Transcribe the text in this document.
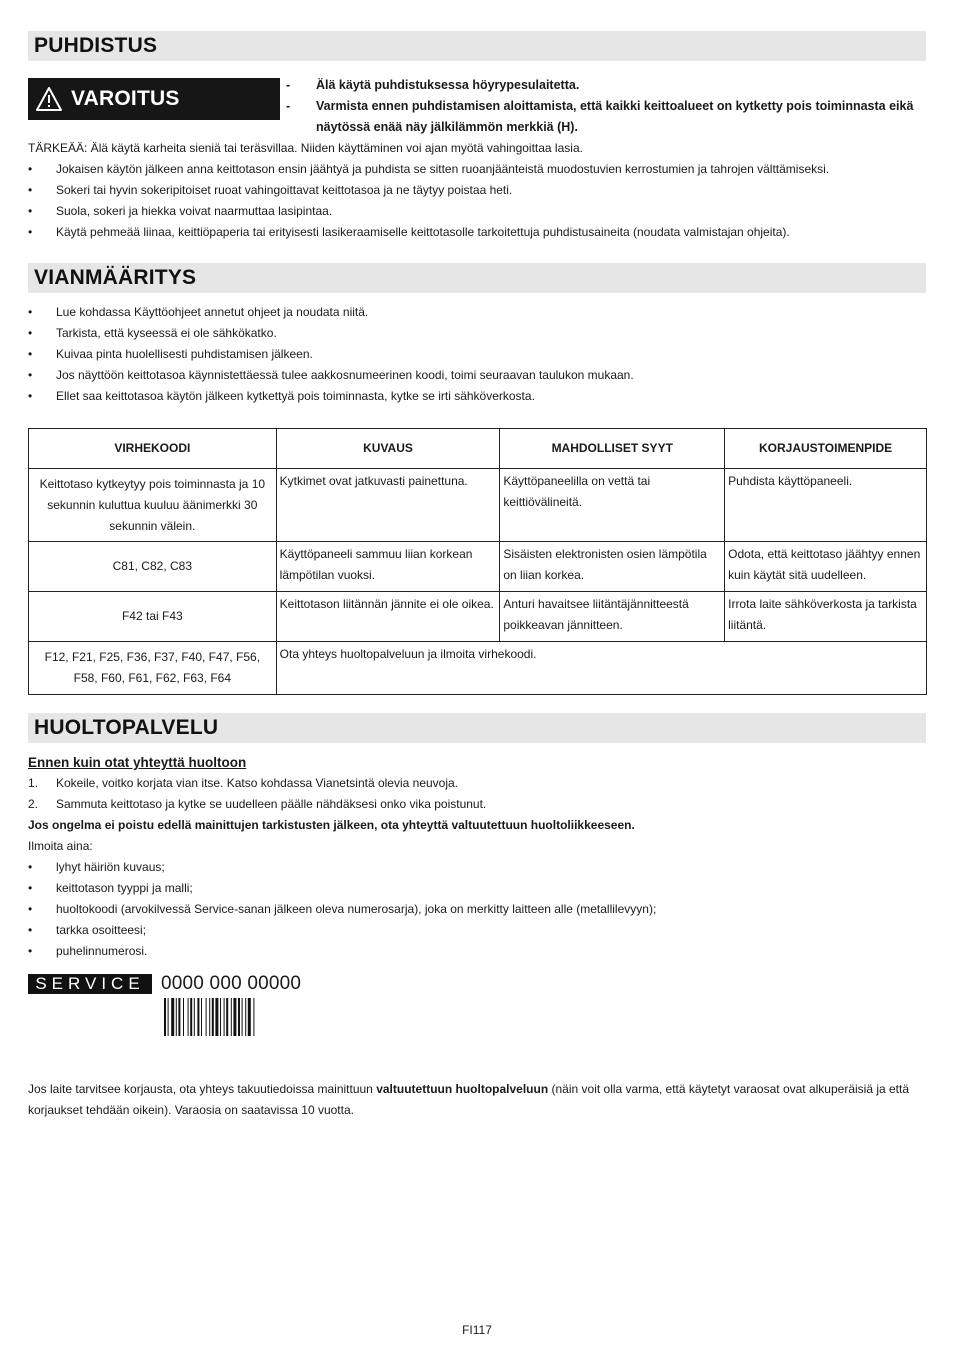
PUHDISTUS
VAROITUS
- Älä käytä puhdistuksessa höyrypesulaitetta.
- Varmista ennen puhdistamisen aloittamista, että kaikki keittoalueet on kytketty pois toiminnasta eikä näytössä enää näy jälkilämmön merkkiä (H).
TÄRKEÄÄ: Älä käytä karheita sieniä tai teräsvillaa. Niiden käyttäminen voi ajan myötä vahingoittaa lasia.
• Jokaisen käytön jälkeen anna keittotason ensin jäähtyä ja puhdista se sitten ruoanjäänteistä muodostuvien kerrostumien ja tahrojen välttämiseksi.
• Sokeri tai hyvin sokeripitoiset ruoat vahingoittavat keittotasoa ja ne täytyy poistaa heti.
• Suola, sokeri ja hiekka voivat naarmuttaa lasipintaa.
• Käytä pehmeää liinaa, keittiöpaperia tai erityisesti lasikeraamiselle keittotasolle tarkoitettuja puhdistusaineita (noudata valmistajan ohjeita).
VIANMÄÄRITYS
• Lue kohdassa Käyttöohjeet annetut ohjeet ja noudata niitä.
• Tarkista, että kyseessä ei ole sähkökatko.
• Kuivaa pinta huolellisesti puhdistamisen jälkeen.
• Jos näyttöön keittotasoa käynnistettäessä tulee aakkosnumeerinen koodi, toimi seuraavan taulukon mukaan.
• Ellet saa keittotasoa käytön jälkeen kytkettyä pois toiminnasta, kytke se irti sähköverkosta.
VIRHEKOODI	KUVAUS	MAHDOLLISET SYYT	KORJAUSTOIMENPIDE
Keittotaso kytkeytyy pois toiminnasta ja 10 sekunnin kuluttua kuuluu äänimerkki 30 sekunnin välein.	Kytkimet ovat jatkuvasti painettuna.	Käyttöpaneelilla on vettä tai keittiövälineitä.	Puhdista käyttöpaneeli.
C81, C82, C83	Käyttöpaneeli sammuu liian korkean lämpötilan vuoksi.	Sisäisten elektronisten osien lämpötila on liian korkea.	Odota, että keittotaso jäähtyy ennen kuin käytät sitä uudelleen.
F42 tai F43	Keittotason liitännän jännite ei ole oikea.	Anturi havaitsee liitäntäjännitteestä poikkeavan jännitteen.	Irrota laite sähköverkosta ja tarkista liitäntä.
F12, F21, F25, F36, F37, F40, F47, F56, F58, F60, F61, F62, F63, F64	Ota yhteys huoltopalveluun ja ilmoita virhekoodi.		
HUOLTOPALVELU
Ennen kuin otat yhteyttä huoltoon
1. Kokeile, voitko korjata vian itse. Katso kohdassa Vianetsintä olevia neuvoja.
2. Sammuta keittotaso ja kytke se uudelleen päälle nähdäksesi onko vika poistunut.
Jos ongelma ei poistu edellä mainittujen tarkistusten jälkeen, ota yhteyttä valtuutettuun huoltoliikkeeseen.
Ilmoita aina:
• lyhyt häiriön kuvaus;
• keittotason tyyppi ja malli;
• huoltokoodi (arvokilvessä Service-sanan jälkeen oleva numerosarja), joka on merkitty laitteen alle (metallilevyyn);
• tarkka osoitteesi;
• puhelinnumerosi.
SERVICE 0000 000 00000
Jos laite tarvitsee korjausta, ota yhteys takuutiedoissa mainittuun valtuutettuun huoltopalveluun (näin voit olla varma, että käytetyt varaosat ovat alkuperäisiä ja että korjaukset tehdään oikein). Varaosia on saatavissa 10 vuotta.
FI117
